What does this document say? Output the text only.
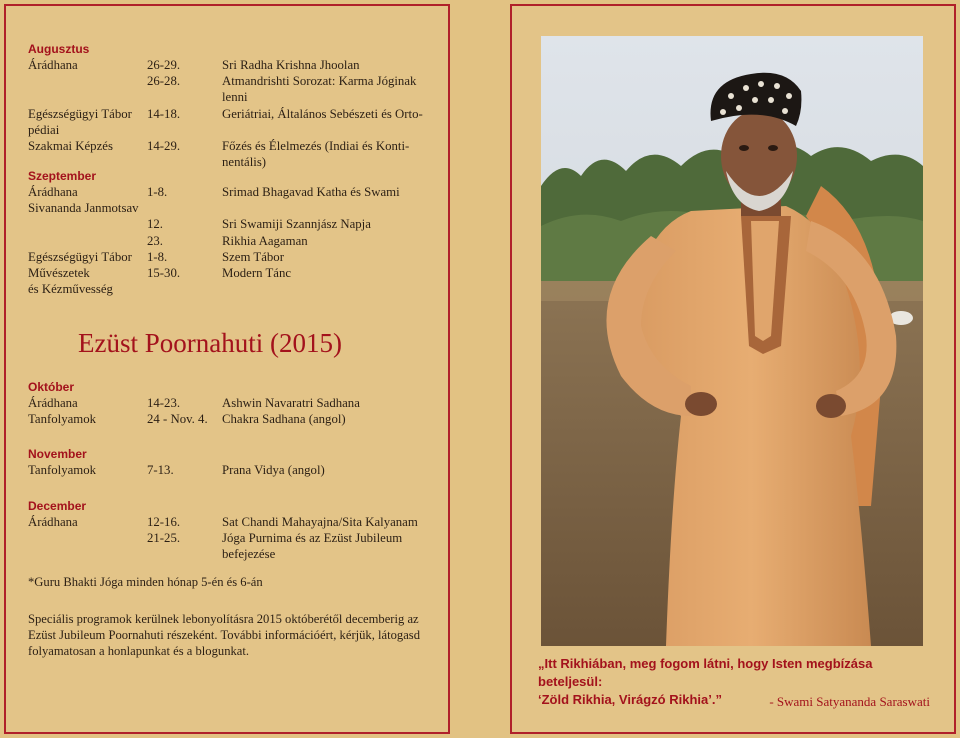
Augusztus
Árádhana	26-29.	Sri Radha Krishna Jhoolan
26-28.	Atmandrishti Sorozat: Karma Jóginak
lenni
Egészségügyi Tábor 14-18.	Geriátriai, Általános Sebészeti és Orto-
pédiai
Szakmai Képzés	14-29.	Főzés és Élelmezés (Indiai és Konti-
nentális)
Szeptember
Árádhana	1-8.	Srimad Bhagavad Katha és Swami
Sivananda Janmotsav
12.	Sri Swamiji Szannjász Napja
23.	Rikhia Aagaman
Egészségügyi Tábor 1-8.	Szem Tábor
Művészetek	15-30.	Modern Tánc
és Kézművesség
Október
Árádhana	14-23.	Ashwin Navaratri Sadhana
Tanfolyamok	24 - Nov. 4. Chakra Sadhana (angol)
November
Tanfolyamok	7-13.	Prana Vidya (angol)
December
Árádhana	12-16.	Sat Chandi Mahayajna/Sita Kalyanam
21-25.	Jóga Purnima és az Ezüst Jubileum
befejezése
Ezüst Poornahuti (2015)
*Guru Bhakti Jóga minden hónap 5-én és 6-án
Speciális programok kerülnek lebonyolításra 2015 októberétől decemberig az
Ezüst Jubileum Poornahuti részeként. További információért, kérjük, látogasd
folyamatosan a honlapunkat és a blogunkat.
„Itt Rikhiában, meg fogom látni, hogy Isten megbízása beteljesül:
‘Zöld Rikhia, Virágzó Rikhia’.”	- Swami Satyananda Saraswati
